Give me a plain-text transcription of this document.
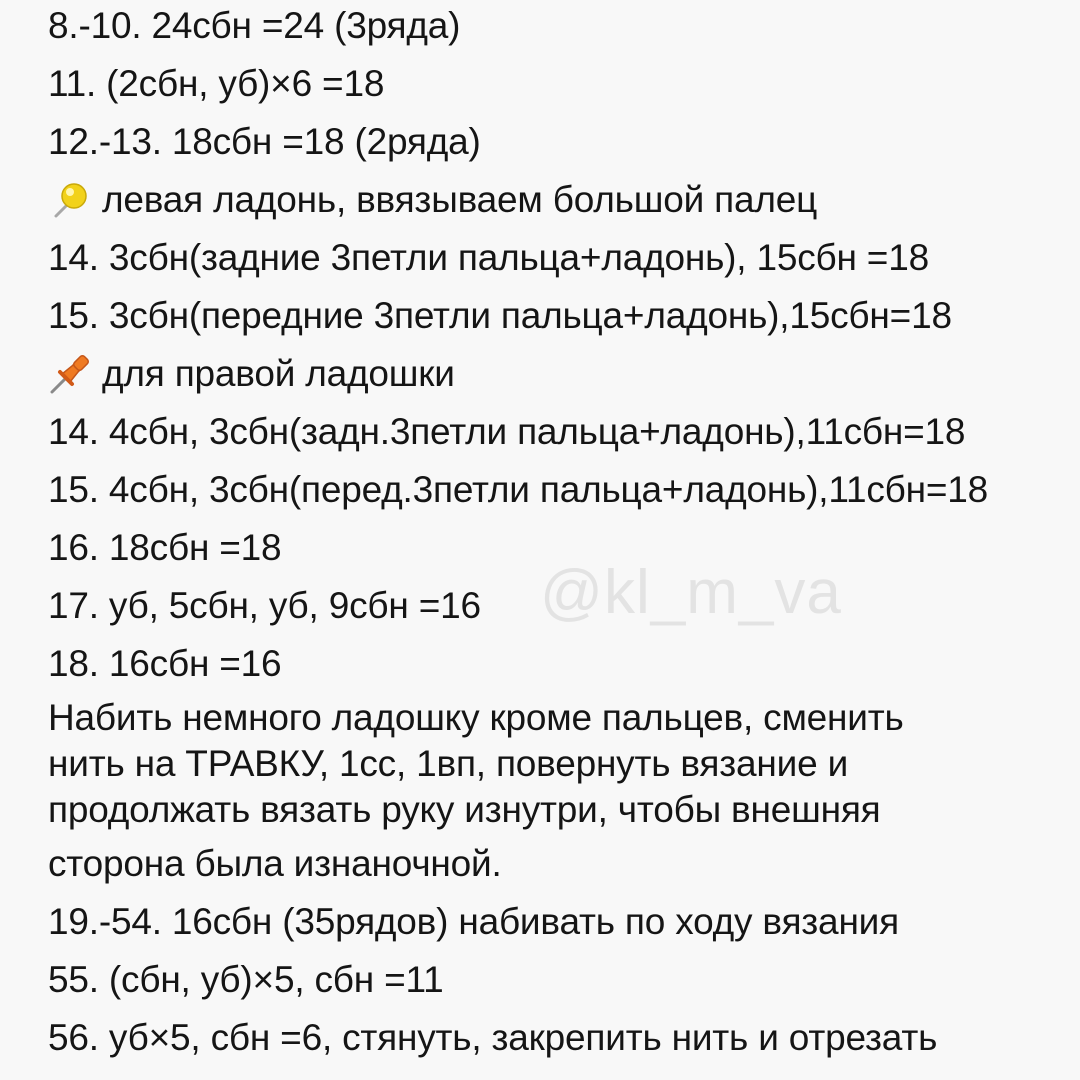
8.-10. 24сбн =24 (3ряда)
11. (2сбн, уб)×6 =18
12.-13. 18сбн =18 (2ряда)
левая ладонь, ввязываем большой палец
14. 3сбн(задние 3петли пальца+ладонь), 15сбн =18
15. 3сбн(передние 3петли пальца+ладонь),15сбн=18
для правой ладошки
14. 4сбн, 3сбн(задн.3петли пальца+ладонь),11сбн=18
15. 4сбн, 3сбн(перед.3петли пальца+ладонь),11сбн=18
16. 18сбн =18
17. уб, 5сбн, уб, 9сбн =16
18. 16сбн =16
Набить немного ладошку кроме пальцев, сменить
нить на ТРАВКУ, 1сс, 1вп, повернуть вязание и
продолжать вязать руку изнутри, чтобы внешняя
сторона была изнаночной.
19.-54. 16сбн (35рядов) набивать по ходу вязания
55. (сбн, уб)×5, сбн =11
56. уб×5, сбн =6, стянуть, закрепить нить и отрезать
@kl_m_va
